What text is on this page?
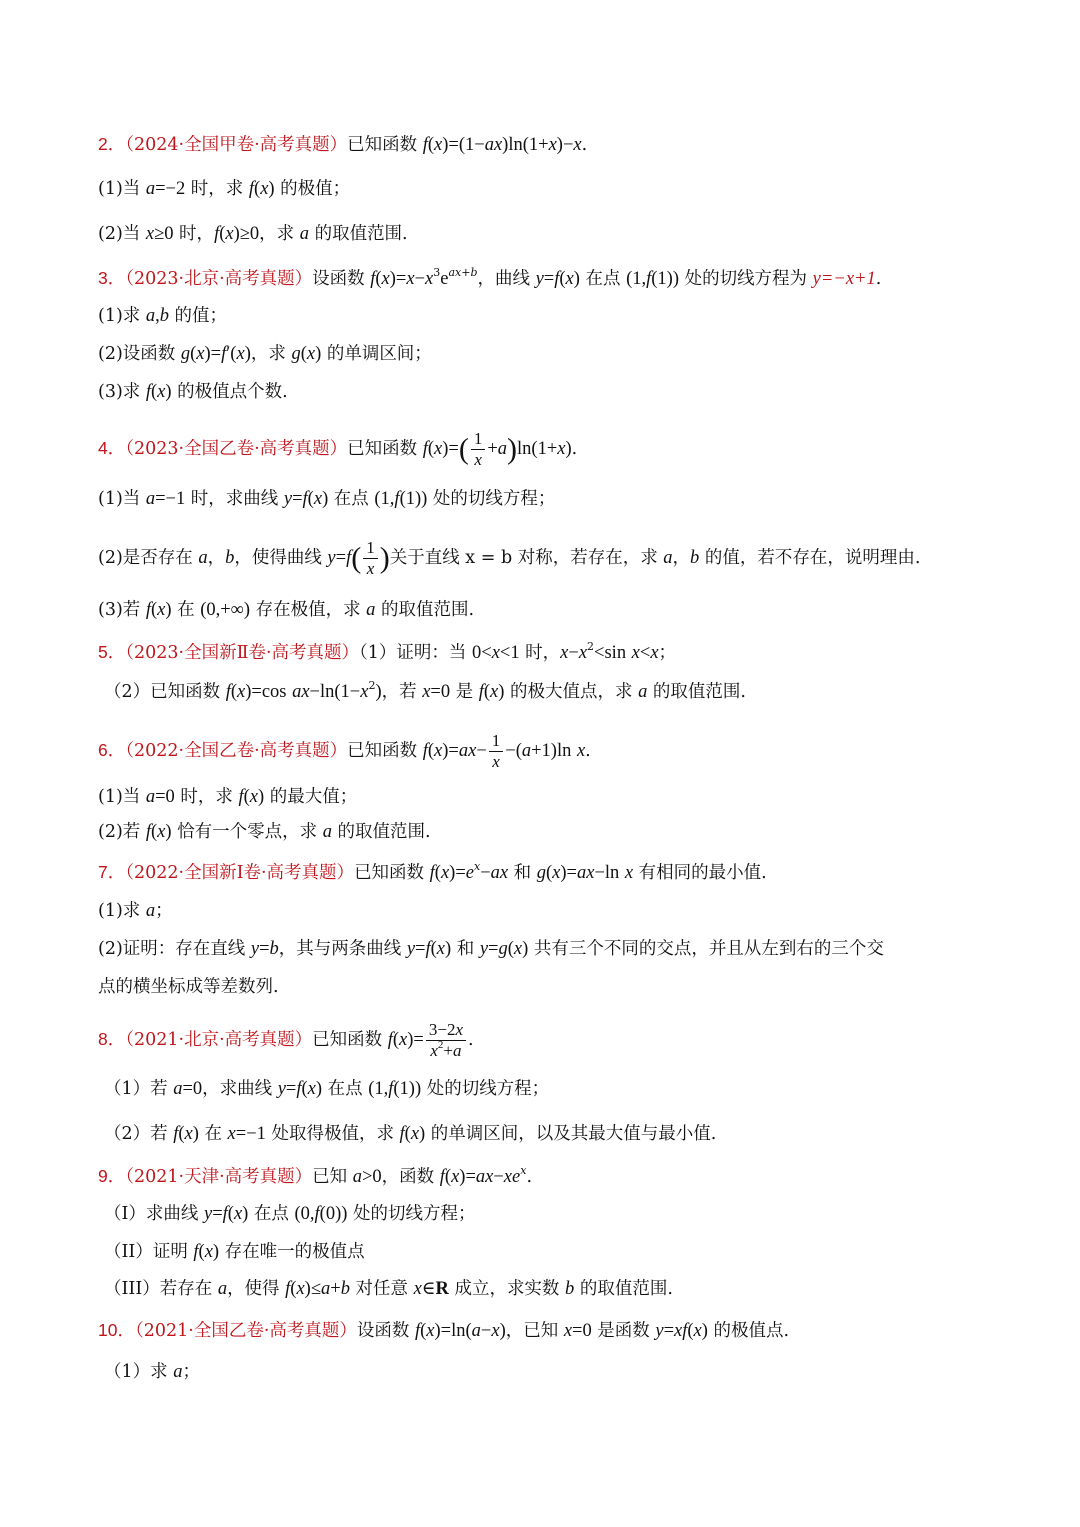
2．（2024·全国甲卷·高考真题）已知函数 f(x)=(1−ax)ln(1+x)−x.
(1)当 a=−2 时，求 f(x) 的极值；
(2)当 x≥0 时，f(x)≥0，求 a 的取值范围.
3．（2023·北京·高考真题）设函数 $f(x)=x-x^3e^{ax+b}$，曲线 y=f(x) 在点 (1,f(1)) 处的切线方程为 y=−x+1.
(1)求 a,b 的值；
(2)设函数 g(x)=f′(x)，求 g(x) 的单调区间；
(3)求 f(x) 的极值点个数.
4．（2023·全国乙卷·高考真题）已知函数 $f(x)=( \frac{1}{x} +a)\ln(1+x)$.
(1)当 a=−1 时，求曲线 y=f(x) 在点 (1,f(1)) 处的切线方程；
(2)是否存在 a，b，使得曲线 $y=f( \frac{1}{x}$ )关于直线 x = b 对称，若存在，求 a，b 的值，若不存在，说明理由.
(3)若 f(x) 在 (0,+∞) 存在极值，求 a 的取值范围.
5．（2023·全国新Ⅱ卷·高考真题）（1）证明：当 0<x<1 时，$x-x^2<\sin$ x<x；
（2）已知函数 f(x)=cos $ax-\ln(1-x^2)$，若 x=0 是 f(x) 的极大值点，求 a 的取值范围.
6．（2022·全国乙卷·高考真题）已知函数 $f(x)=ax- \frac{1}{x} -(a+1)\ln$ x.
(1)当 a=0 时，求 f(x) 的最大值；
(2)若 f(x) 恰有一个零点，求 a 的取值范围.
7．（2022·全国新Ⅰ卷·高考真题）已知函数 $f(x)=e^x-ax$ 和 g(x)=ax−ln x 有相同的最小值.
(1)求 a；
(2)证明：存在直线 y=b，其与两条曲线 y=f(x) 和 y=g(x) 共有三个不同的交点，并且从左到右的三个交
点的横坐标成等差数列.
8．（2021·北京·高考真题）已知函数 $f(x)= \frac{3-2x}{x^2+a}$ .
（1）若 a=0，求曲线 y=f(x) 在点 (1,f(1)) 处的切线方程；
（2）若 f(x) 在 x=−1 处取得极值，求 f(x) 的单调区间，以及其最大值与最小值.
9．（2021·天津·高考真题）已知 a>0，函数 $f(x)=ax-xe^x$.
（I）求曲线 y=f(x) 在点 (0,f(0)) 处的切线方程；
（II）证明 f(x) 存在唯一的极值点
（III）若存在 a，使得 f(x)≤a+b 对任意 x∈R 成立，求实数 b 的取值范围.
10．（2021·全国乙卷·高考真题）设函数 f(x)=ln(a−x)，已知 x=0 是函数 y=xf(x) 的极值点.
（1）求 a；
